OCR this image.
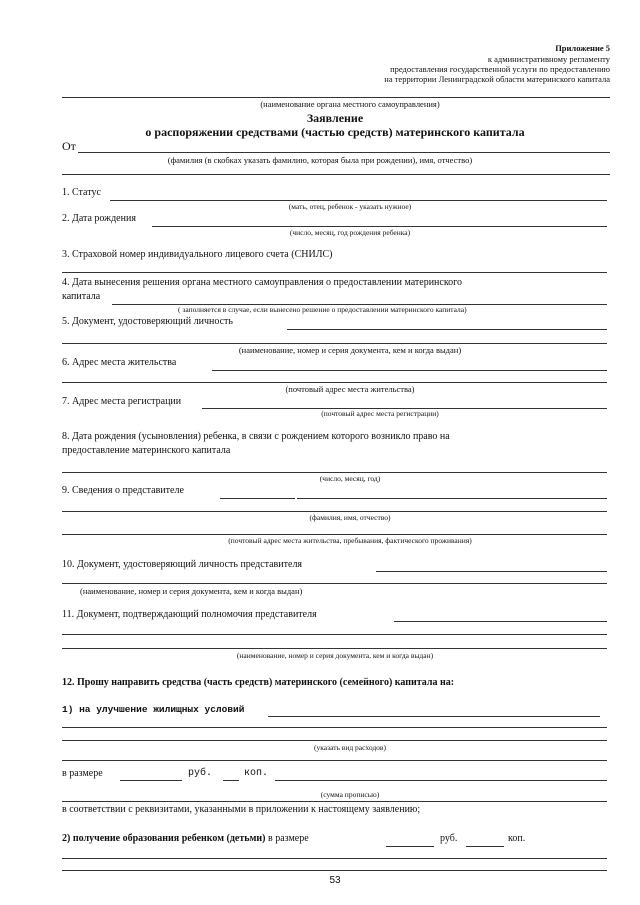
Приложение 5
к административному регламенту
предоставления государственной услуги по предоставлению
на территории Ленинградской области материнского капитала
(наименование органа местного самоуправления)
Заявление
о распоряжении средствами (частью средств) материнского капитала
От
(фамилия (в скобках указать фамилию, которая была при рождении), имя, отчество)
1. Статус
(мать, отец, ребенок - указать нужное)
2. Дата рождения
(число, месяц, год рождения ребенка)
3. Страховой номер индивидуального лицевого счета (СНИЛС)
4. Дата вынесения решения органа местного самоуправления о предоставлении материнского
капитала
( заполняется в случае, если вынесено решение о предоставлении материнского капитала)
5. Документ, удостоверяющий личность
(наименование, номер и серия документа, кем и когда выдан)
6. Адрес места жительства
(почтовый адрес места жительства)
7. Адрес места регистрации
(почтовый адрес места регистрации)
8. Дата рождения (усыновления) ребенка, в связи с рождением которого возникло право на
предоставление материнского капитала
(число, месяц, год)
9. Сведения о представителе
(фамилия, имя, отчество)
(почтовый адрес места жительства, пребывания, фактического проживания)
10. Документ, удостоверяющий личность представителя
(наименование, номер и серия документа, кем и когда выдан)
11. Документ, подтверждающий полномочия представителя
(наименование, номер и серия документа, кем и когда выдан)
12. Прошу направить средства (часть средств) материнского (семейного) капитала на:
1) на улучшение жилищных условий
(указать вид расходов)
в размере	руб.	коп.
(сумма прописью)
в соответствии с реквизитами, указанными в приложении к настоящему заявлению;
2) получение образования ребенком (детьми) в размере	руб.	коп.
53
